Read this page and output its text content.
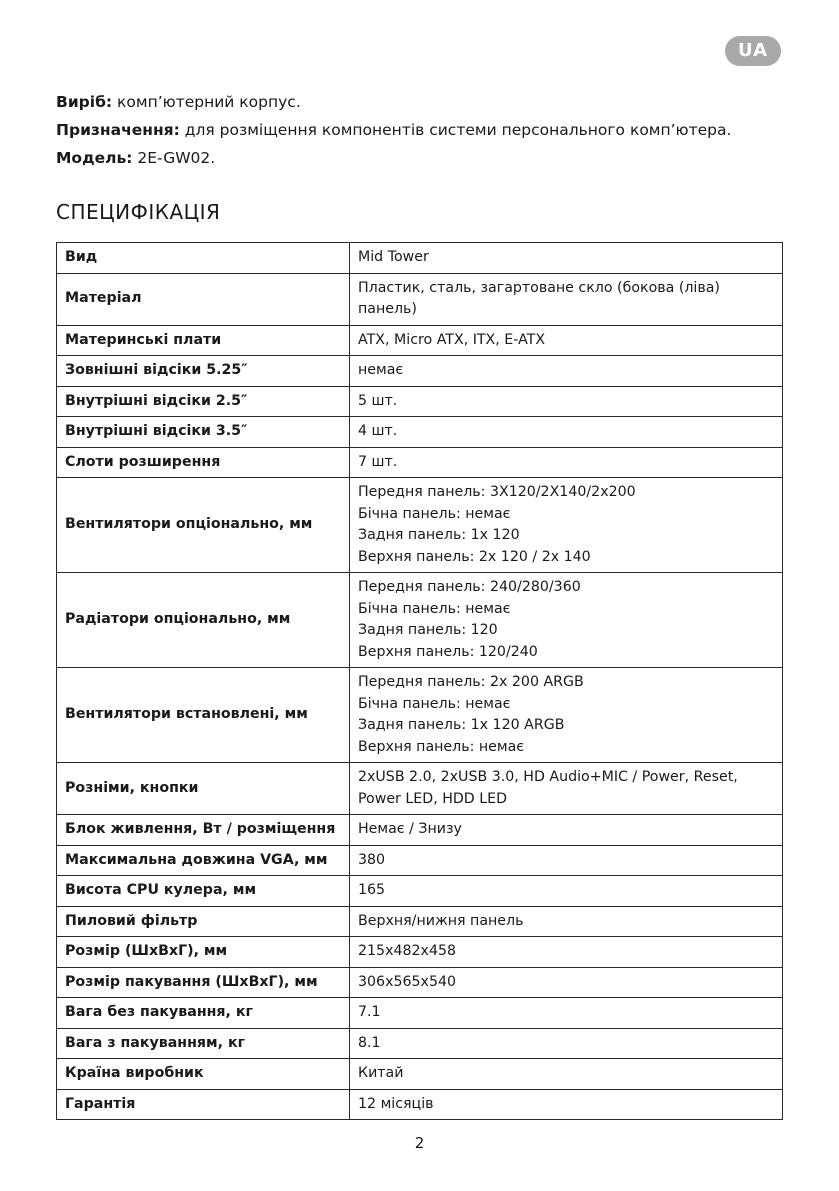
UA
Виріб: комп’ютерний корпус.
Призначення: для розміщення компонентів системи персонального комп’ютера.
Модель: 2E-GW02.
СПЕЦИФІКАЦІЯ
Вид	Mid Tower

Матеріал	Пластик, сталь, загартоване скло (бокова (ліва)
панель)

Материнські плати	ATX, Micro ATX, ITX, E-ATX

Зовнішні відсіки 5.25″	немає

Внутрішні відсіки 2.5″	5 шт.

Внутрішні відсіки 3.5″	4 шт.

Слоти розширення	7 шт.

Вентилятори опціонально, мм	Передня панель: 3X120/2X140/2x200
Бічна панель: немає
Задня панель: 1x 120
Верхня панель: 2x 120 / 2x 140

Радіатори опціонально, мм	Передня панель: 240/280/360
Бічна панель: немає
Задня панель: 120
Верхня панель: 120/240

Вентилятори встановлені, мм	Передня панель: 2x 200 ARGB
Бічна панель: немає
Задня панель: 1x 120 ARGB
Верхня панель: немає

Розніми, кнопки	2xUSB 2.0, 2xUSB 3.0, HD Audio+MIC / Power, Reset,
Power LED, HDD LED

Блок живлення, Вт / розміщення	Немає / Знизу

Максимальна довжина VGA, мм	380

Висота CPU кулера, мм	165

Пиловий фільтр	Верхня/нижня панель

Розмір (ШхВхГ), мм	215x482x458

Розмір пакування (ШхВхГ), мм	306x565x540

Вага без пакування, кг	7.1

Вага з пакуванням, кг	8.1

Країна виробник	Китай

Гарантія	12 місяців
2
